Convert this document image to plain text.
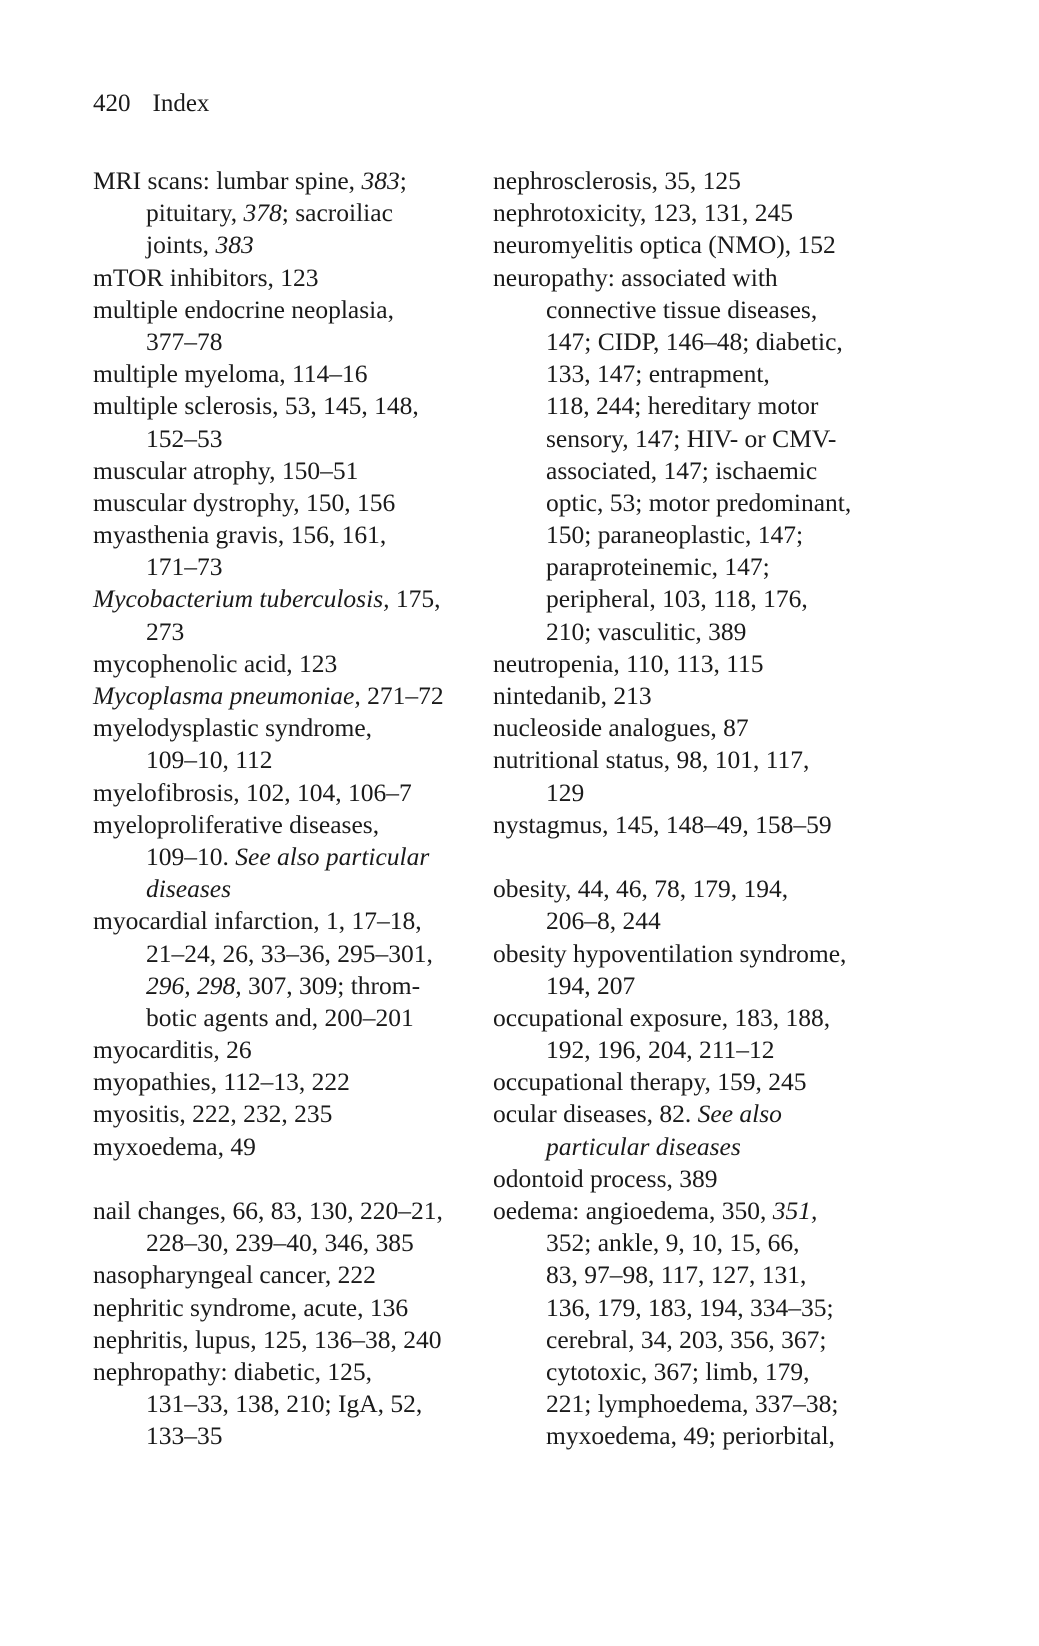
420 Index
MRI scans: lumbar spine, 383;
pituitary, 378; sacroiliac
joints, 383
mTOR inhibitors, 123
multiple endocrine neoplasia,
377–78
multiple myeloma, 114–16
multiple sclerosis, 53, 145, 148,
152–53
muscular atrophy, 150–51
muscular dystrophy, 150, 156
myasthenia gravis, 156, 161,
171–73
Mycobacterium tuberculosis, 175,
273
mycophenolic acid, 123
Mycoplasma pneumoniae, 271–72
myelodysplastic syndrome,
109–10, 112
myelofibrosis, 102, 104, 106–7
myeloproliferative diseases,
109–10. See also particular
diseases
myocardial infarction, 1, 17–18,
21–24, 26, 33–36, 295–301,
296, 298, 307, 309; throm-
botic agents and, 200–201
myocarditis, 26
myopathies, 112–13, 222
myositis, 222, 232, 235
myxoedema, 49
nail changes, 66, 83, 130, 220–21,
228–30, 239–40, 346, 385
nasopharyngeal cancer, 222
nephritic syndrome, acute, 136
nephritis, lupus, 125, 136–38, 240
nephropathy: diabetic, 125,
131–33, 138, 210; IgA, 52,
133–35
nephrosclerosis, 35, 125
nephrotoxicity, 123, 131, 245
neuromyelitis optica (NMO), 152
neuropathy: associated with
connective tissue diseases,
147; CIDP, 146–48; diabetic,
133, 147; entrapment,
118, 244; hereditary motor
sensory, 147; HIV- or CMV-
associated, 147; ischaemic
optic, 53; motor predominant,
150; paraneoplastic, 147;
paraproteinemic, 147;
peripheral, 103, 118, 176,
210; vasculitic, 389
neutropenia, 110, 113, 115
nintedanib, 213
nucleoside analogues, 87
nutritional status, 98, 101, 117,
129
nystagmus, 145, 148–49, 158–59
obesity, 44, 46, 78, 179, 194,
206–8, 244
obesity hypoventilation syndrome,
194, 207
occupational exposure, 183, 188,
192, 196, 204, 211–12
occupational therapy, 159, 245
ocular diseases, 82. See also
particular diseases
odontoid process, 389
oedema: angioedema, 350, 351,
352; ankle, 9, 10, 15, 66,
83, 97–98, 117, 127, 131,
136, 179, 183, 194, 334–35;
cerebral, 34, 203, 356, 367;
cytotoxic, 367; limb, 179,
221; lymphoedema, 337–38;
myxoedema, 49; periorbital,
